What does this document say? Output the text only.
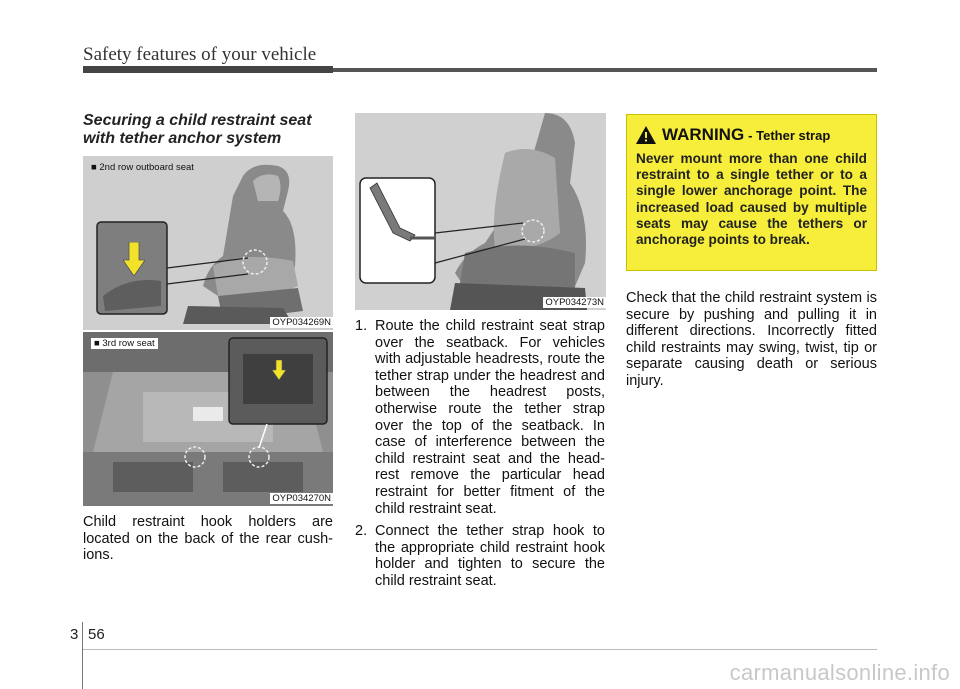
Safety features of your vehicle
Securing a child restraint seat with tether anchor system
■ 2nd row outboard seat
OYP034269N
■ 3rd row seat
OYP034270N
Child restraint hook holders are located on the back of the rear cush- ions.
OYP034273N
1. Route the child restraint seat strap over the seatback. For vehicles with adjustable headrests, route the tether strap under the headrest and between the headrest posts, otherwise route the tether strap over the top of the seatback. In case of interference between the child restraint seat and the head- rest remove the particular head restraint for better fitment of the child restraint seat.
2. Connect the tether strap hook to the appropriate child restraint hook holder and tighten to secure the child restraint seat.
WARNING - Tether strap
Never mount more than one child restraint to a single tether or to a single lower anchorage point. The increased load caused by multiple seats may cause the tethers or anchorage points to break.
Check that the child restraint system is secure by pushing and pulling it in different directions. Incorrectly fitted child restraints may swing, twist, tip or separate causing death or serious injury.
3 56
carmanualsonline.info
